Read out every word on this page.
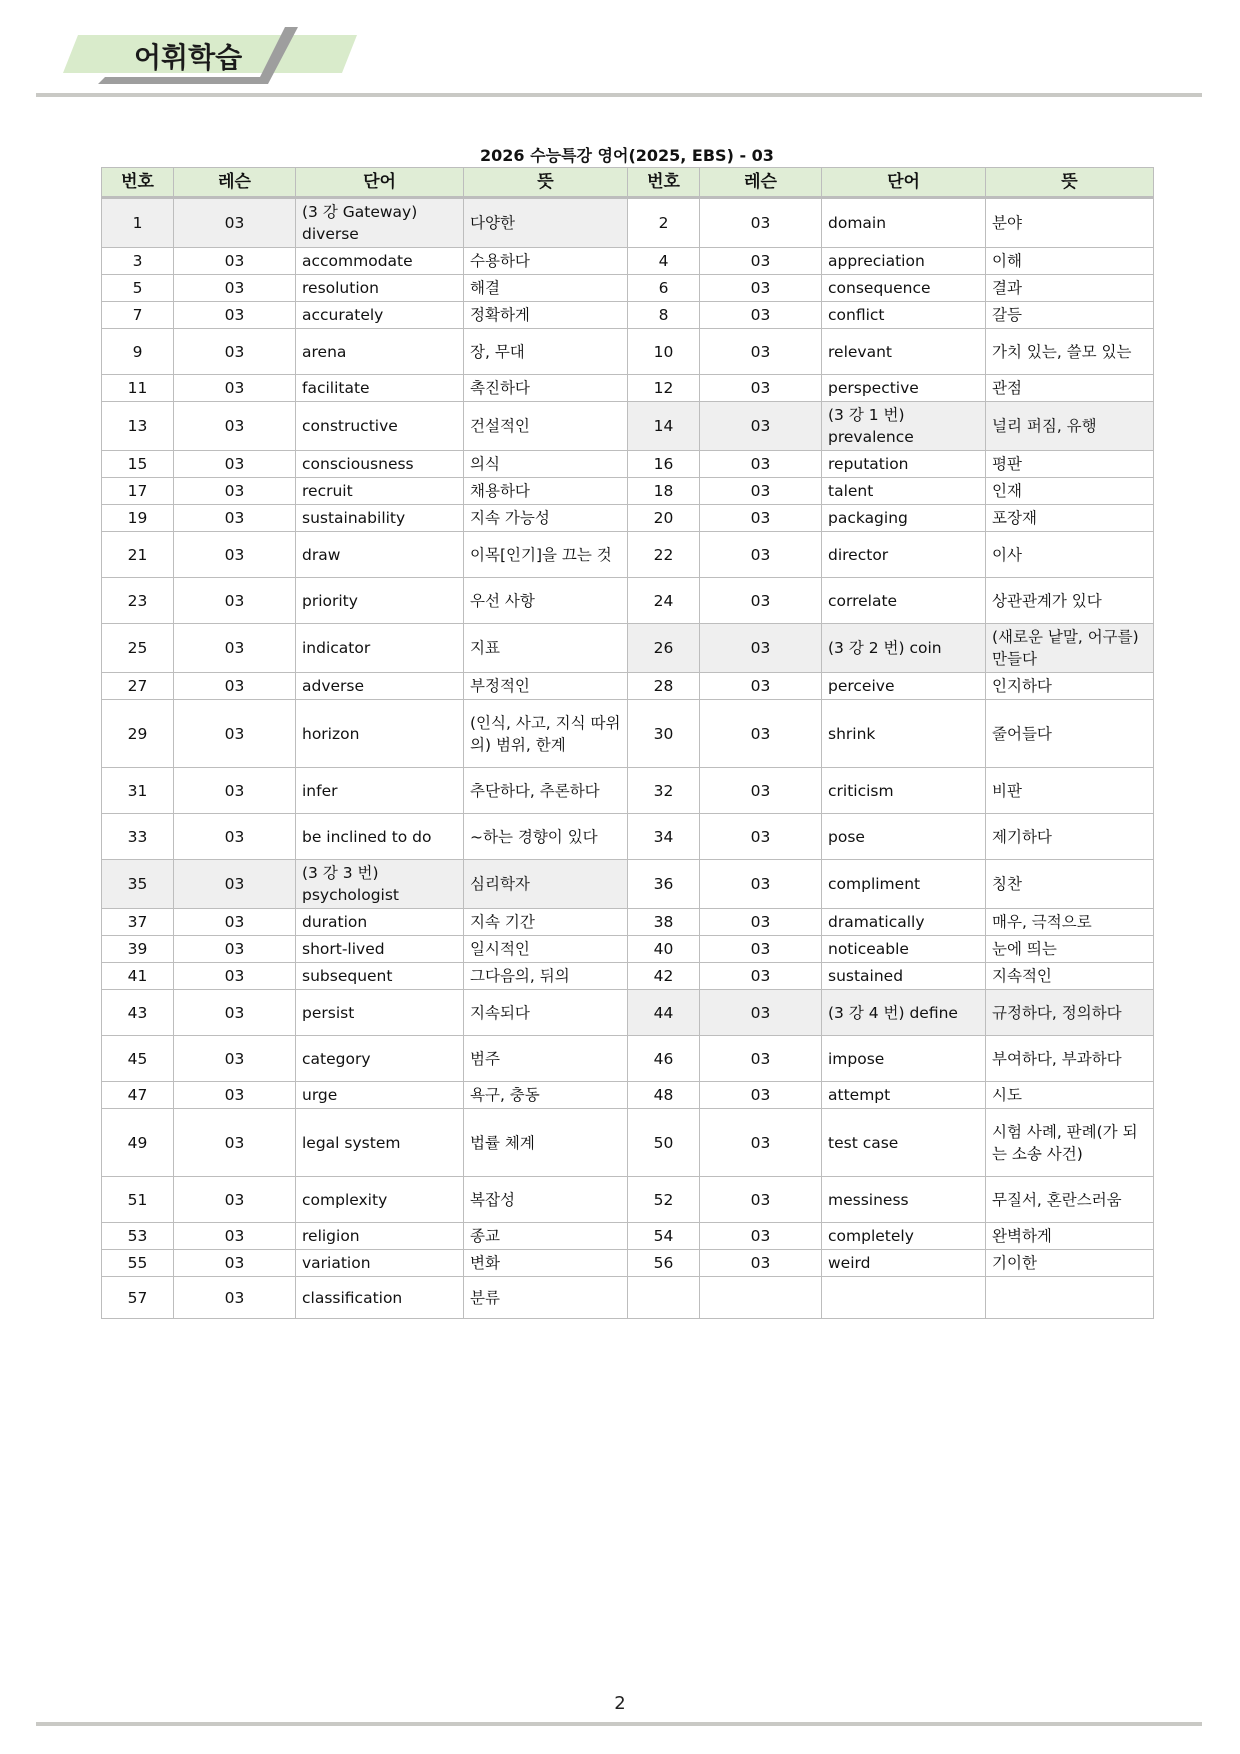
어휘학습
2026 수능특강 영어(2025, EBS) - 03
번호	레슨	단어	뜻	번호	레슨	단어	뜻
1	03	(3 강 Gateway) diverse	다양한	2	03	domain	분야
3	03	accommodate	수용하다	4	03	appreciation	이해
5	03	resolution	해결	6	03	consequence	결과
7	03	accurately	정확하게	8	03	conflict	갈등
9	03	arena	장, 무대	10	03	relevant	가치 있는, 쓸모 있는
11	03	facilitate	촉진하다	12	03	perspective	관점
13	03	constructive	건설적인	14	03	(3 강 1 번) prevalence	널리 퍼짐, 유행
15	03	consciousness	의식	16	03	reputation	평판
17	03	recruit	채용하다	18	03	talent	인재
19	03	sustainability	지속 가능성	20	03	packaging	포장재
21	03	draw	이목[인기]을 끄는 것	22	03	director	이사
23	03	priority	우선 사항	24	03	correlate	상관관계가 있다
25	03	indicator	지표	26	03	(3 강 2 번) coin	(새로운 낱말, 어구를) 만들다
27	03	adverse	부정적인	28	03	perceive	인지하다
29	03	horizon	(인식, 사고, 지식 따위의) 범위, 한계	30	03	shrink	줄어들다
31	03	infer	추단하다, 추론하다	32	03	criticism	비판
33	03	be inclined to do	~하는 경향이 있다	34	03	pose	제기하다
35	03	(3 강 3 번) psychologist	심리학자	36	03	compliment	칭찬
37	03	duration	지속 기간	38	03	dramatically	매우, 극적으로
39	03	short-lived	일시적인	40	03	noticeable	눈에 띄는
41	03	subsequent	그다음의, 뒤의	42	03	sustained	지속적인
43	03	persist	지속되다	44	03	(3 강 4 번) define	규정하다, 정의하다
45	03	category	범주	46	03	impose	부여하다, 부과하다
47	03	urge	욕구, 충동	48	03	attempt	시도
49	03	legal system	법률 체계	50	03	test case	시험 사례, 판례(가 되는 소송 사건)
51	03	complexity	복잡성	52	03	messiness	무질서, 혼란스러움
53	03	religion	종교	54	03	completely	완벽하게
55	03	variation	변화	56	03	weird	기이한
57	03	classification	분류				
2
